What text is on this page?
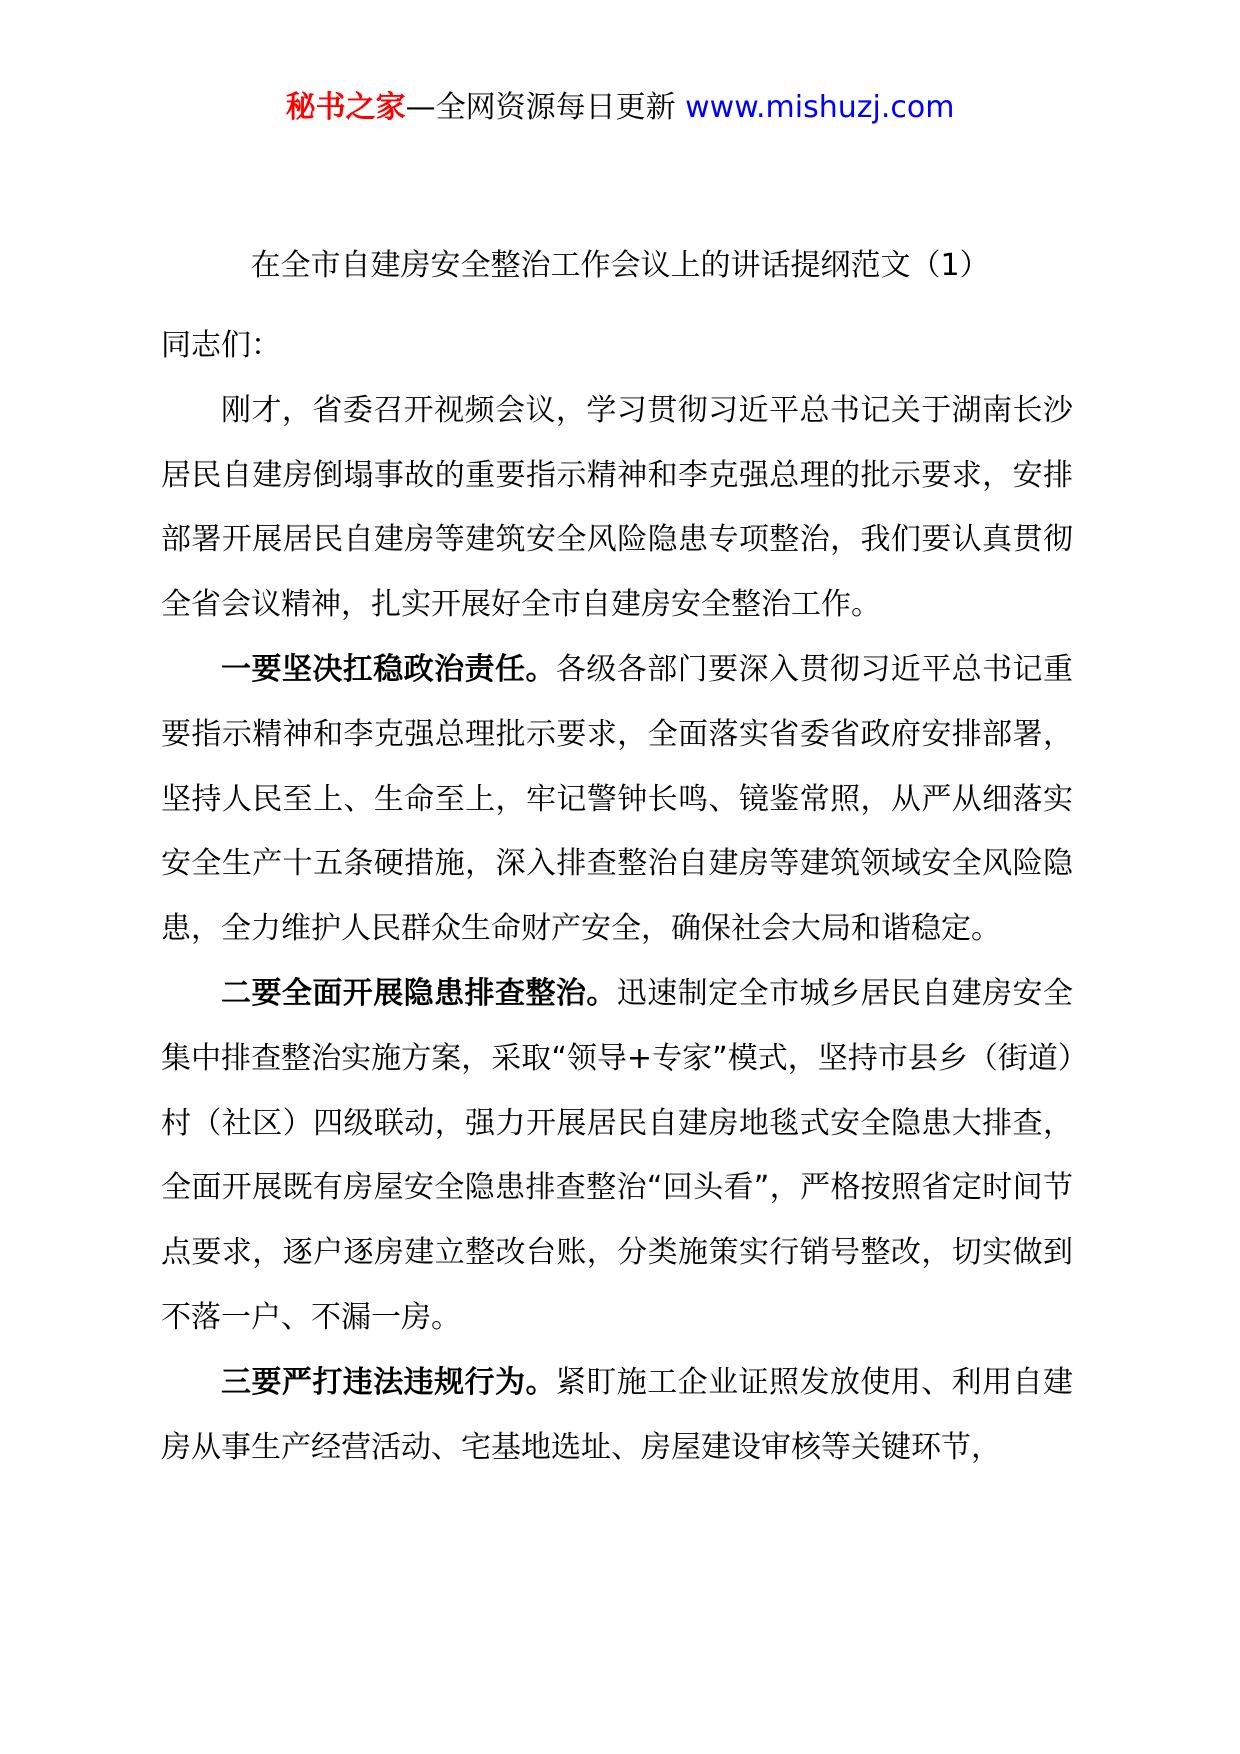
秘书之家—全网资源每日更新 www.mishuzj.com
在全市自建房安全整治工作会议上的讲话提纲范文（1）

同志们：

刚才，省委召开视频会议，学习贯彻习近平总书记关于湖南长沙居民自建房倒塌事故的重要指示精神和李克强总理的批示要求，安排部署开展居民自建房等建筑安全风险隐患专项整治，我们要认真贯彻全省会议精神，扎实开展好全市自建房安全整治工作。

一要坚决扛稳政治责任。各级各部门要深入贯彻习近平总书记重要指示精神和李克强总理批示要求，全面落实省委省政府安排部署，坚持人民至上、生命至上，牢记警钟长鸣、镜鉴常照，从严从细落实安全生产十五条硬措施，深入排查整治自建房等建筑领域安全风险隐患，全力维护人民群众生命财产安全，确保社会大局和谐稳定。

二要全面开展隐患排查整治。迅速制定全市城乡居民自建房安全集中排查整治实施方案，采取“领导+专家”模式，坚持市县乡（街道）村（社区）四级联动，强力开展居民自建房地毯式安全隐患大排查，全面开展既有房屋安全隐患排查整治“回头看”，严格按照省定时间节点要求，逐户逐房建立整改台账，分类施策实行销号整改，切实做到不落一户、不漏一房。

三要严打违法违规行为。紧盯施工企业证照发放使用、利用自建房从事生产经营活动、宅基地选址、房屋建设审核等关键环节，
